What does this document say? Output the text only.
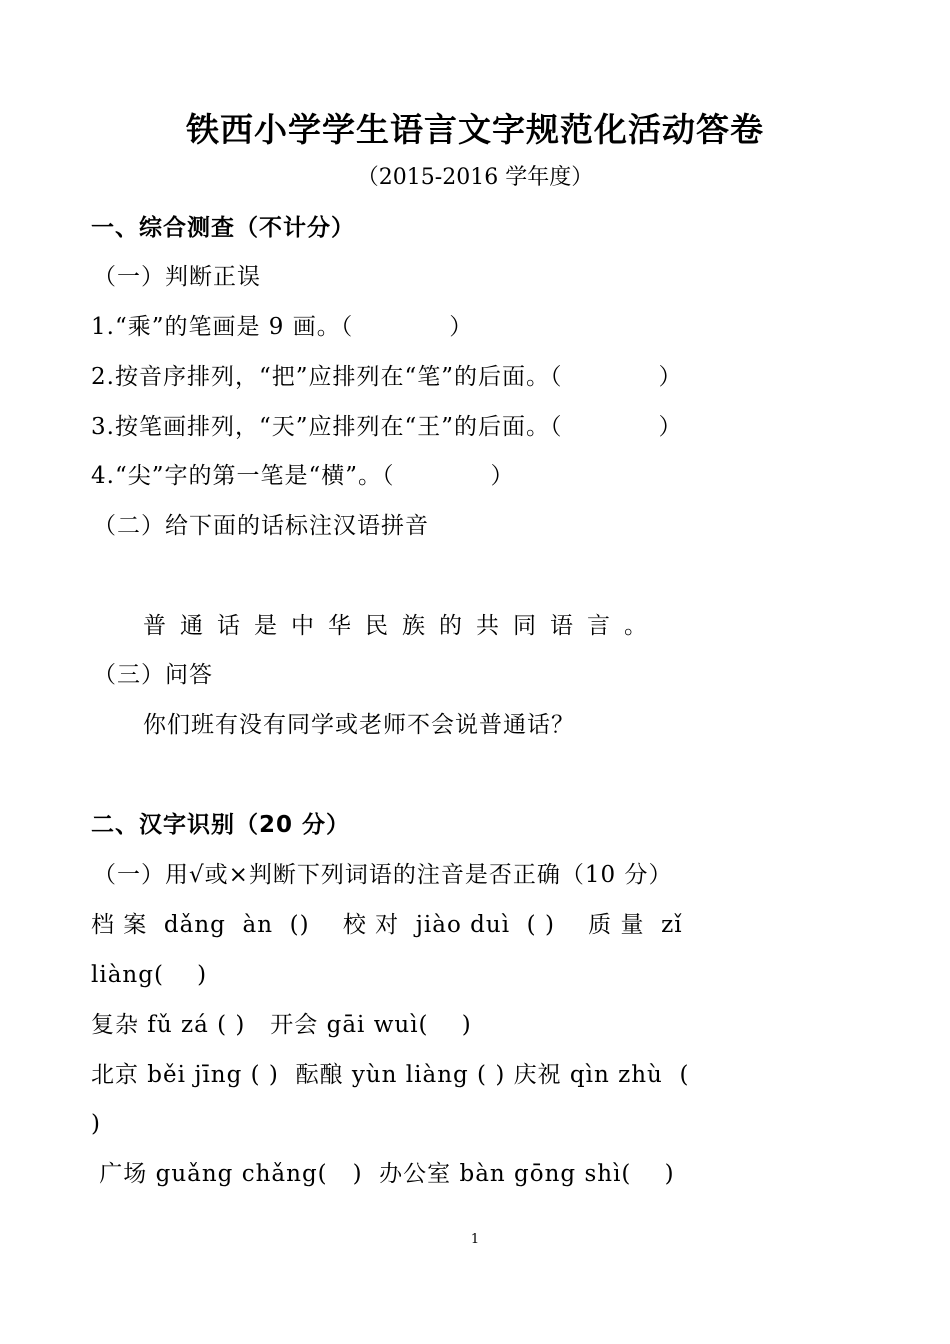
铁西小学学生语言文字规范化活动答卷
（2015-2016 学年度）
一、综合测查（不计分）
（一）判断正误
1.“乘”的笔画是 9 画。（　　　　）
2.按音序排列，“把”应排列在“笔”的后面。（　　　　）
3.按笔画排列，“天”应排列在“王”的后面。（　　　　）
4.“尖”字的第一笔是“横”。（　　　　）
（二）给下面的话标注汉语拼音
普通话是中华民族的共同语言。
（三）问答
你们班有没有同学或老师不会说普通话？
二、汉字识别（20 分）
（一）用√或×判断下列词语的注音是否正确（10 分）
档 案  dǎng  àn  ()    校 对  jiào duì  ( )    质 量  zǐ
liàng(    )
复杂 fǔ zá ( )   开会 gāi wuì(    )
北京 běi jīng ( )  酝酿 yùn liàng ( ) 庆祝 qìn zhù  (
)
广场 guǎng chǎng(   )  办公室 bàn gōng shì(    )
1
